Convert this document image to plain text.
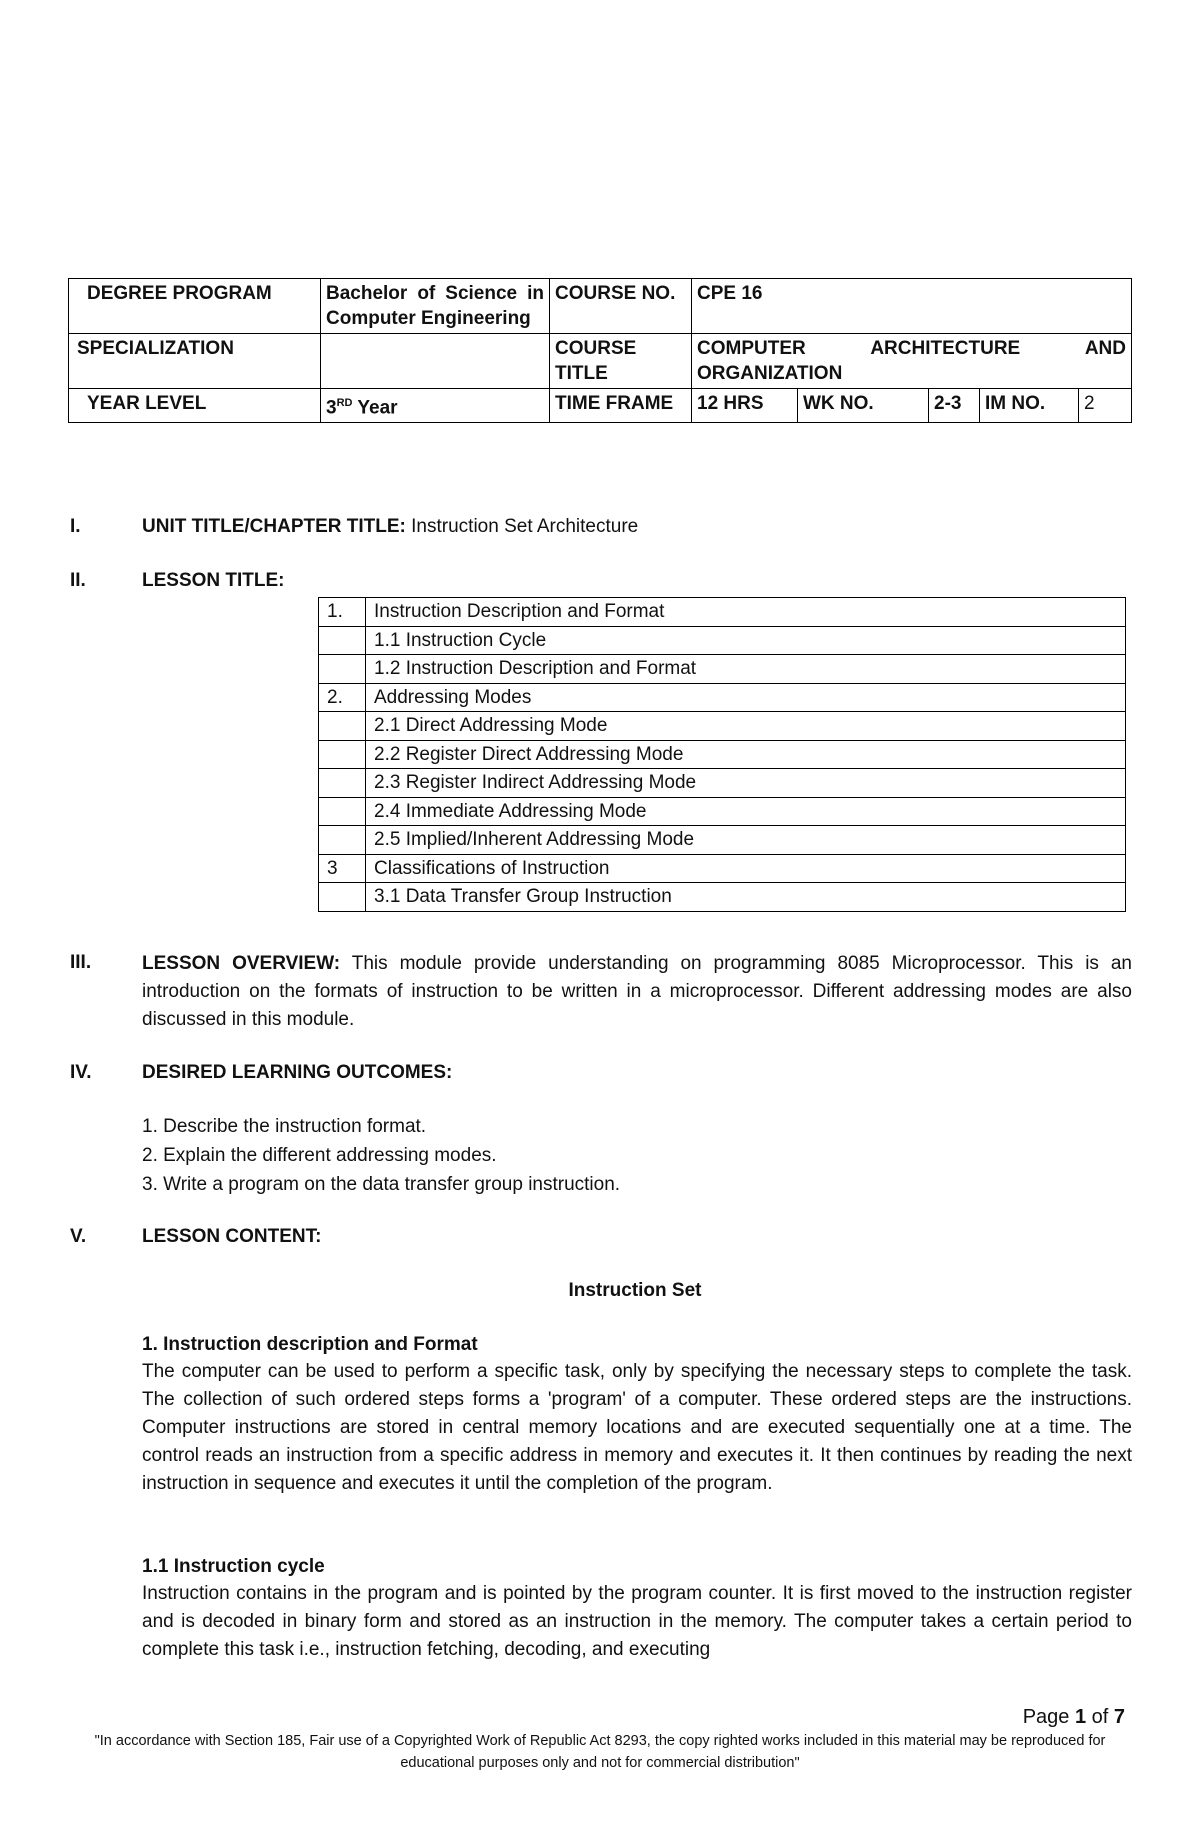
DEGREE PROGRAM	Bachelor of Science in Computer Engineering	COURSE NO.	CPE 16				
SPECIALIZATION		COURSE TITLE	COMPUTER ARCHITECTURE AND ORGANIZATION				
YEAR LEVEL	3RD Year	TIME FRAME	12 HRS	WK NO.	2-3	IM NO.	2
I.	UNIT TITLE/CHAPTER TITLE: Instruction Set Architecture
II.	LESSON TITLE:
1.	Instruction Description and Format
	1.1 Instruction Cycle
	1.2 Instruction Description and Format
2.	Addressing Modes
	2.1 Direct Addressing Mode
	2.2 Register Direct Addressing Mode
	2.3 Register Indirect Addressing Mode
	2.4 Immediate Addressing Mode
	2.5 Implied/Inherent Addressing Mode
3	Classifications of Instruction
	3.1 Data Transfer Group Instruction
III.	LESSON OVERVIEW: This module provide understanding on programming 8085 Microprocessor. This is an introduction on the formats of instruction to be written in a microprocessor. Different addressing modes are also discussed in this module.
IV.	DESIRED LEARNING OUTCOMES:
1. Describe the instruction format.
2. Explain the different addressing modes.
3. Write a program on the data transfer group instruction.
V.	LESSON CONTENT:
Instruction Set
1. Instruction description and Format
The computer can be used to perform a specific task, only by specifying the necessary steps to complete the task. The collection of such ordered steps forms a 'program' of a computer. These ordered steps are the instructions. Computer instructions are stored in central memory locations and are executed sequentially one at a time. The control reads an instruction from a specific address in memory and executes it. It then continues by reading the next instruction in sequence and executes it until the completion of the program.
1.1 Instruction cycle
Instruction contains in the program and is pointed by the program counter. It is first moved to the instruction register and is decoded in binary form and stored as an instruction in the memory. The computer takes a certain period to complete this task i.e., instruction fetching, decoding, and executing
Page 1 of 7
"In accordance with Section 185, Fair use of a Copyrighted Work of Republic Act 8293, the copy righted works included in this material may be reproduced for educational purposes only and not for commercial distribution"
